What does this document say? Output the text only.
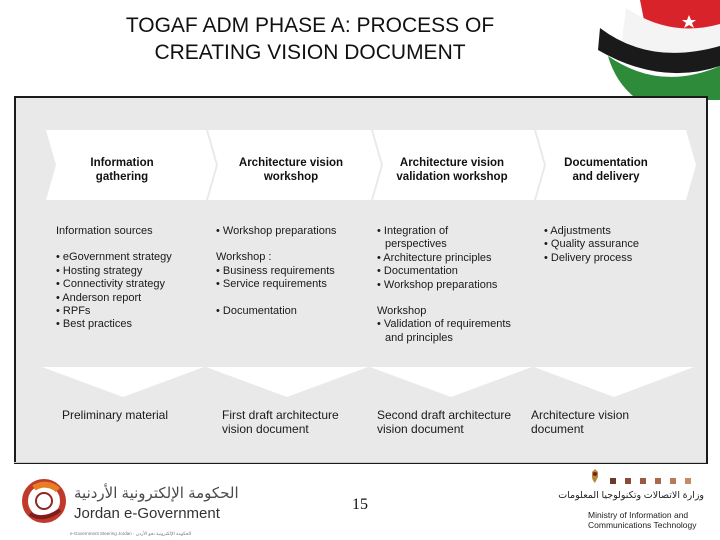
TOGAF ADM PHASE A: PROCESS OF
CREATING VISION DOCUMENT
Information gathering
Architecture vision workshop
Architecture vision validation workshop
Documentation and delivery
Information sources
• eGovernment strategy
• Hosting strategy
• Connectivity strategy
• Anderson report
• RPFs
• Best practices
• Workshop preparations
Workshop :
• Business requirements
• Service requirements
• Documentation
• Integration of
perspectives
• Architecture principles
• Documentation
• Workshop preparations
Workshop
• Validation of requirements
and principles
• Adjustments
• Quality assurance
• Delivery process
Preliminary material	First draft architecture vision document
Second draft architecture vision document
Architecture vision document
الحكومة الإلكترونية الأردنية
Jordan e-Government
e-Government Steering Jordan · الحكومة الإلكترونية نحو الأردن
15
وزارة الاتصالات وتكنولوجيا المعلومات
Ministry of Information and
Communications Technology
